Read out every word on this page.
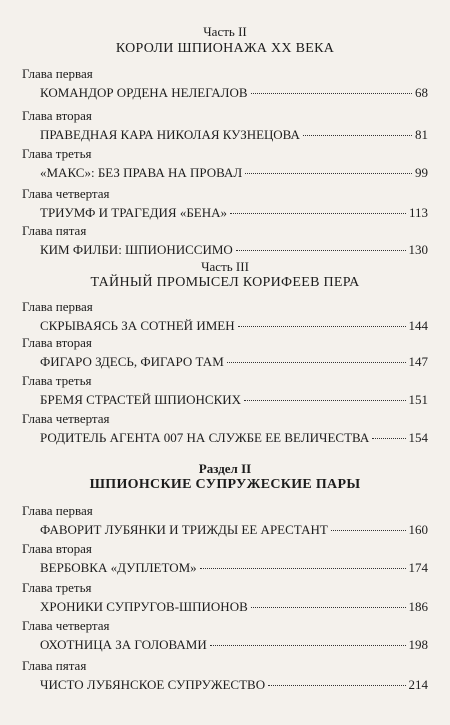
Часть II
КОРОЛИ ШПИОНАЖА ХХ ВЕКА
Глава первая
КОМАНДОР ОРДЕНА НЕЛЕГАЛОВ	68
Глава вторая
ПРАВЕДНАЯ КАРА НИКОЛАЯ КУЗНЕЦОВА	81
Глава третья
«МАКС»: БЕЗ ПРАВА НА ПРОВАЛ	99
Глава четвертая
ТРИУМФ И ТРАГЕДИЯ «БЕНА»	113
Глава пятая
КИМ ФИЛБИ: ШПИОНИССИМО	130
Часть III
ТАЙНЫЙ ПРОМЫСЕЛ КОРИФЕЕВ ПЕРА
Глава первая
СКРЫВАЯСЬ ЗА СОТНЕЙ ИМЕН	144
Глава вторая
ФИГАРО ЗДЕСЬ, ФИГАРО ТАМ	147
Глава третья
БРЕМЯ СТРАСТЕЙ ШПИОНСКИХ	151
Глава четвертая
РОДИТЕЛЬ АГЕНТА 007 НА СЛУЖБЕ ЕЕ ВЕЛИЧЕСТВА	154
Раздел II
ШПИОНСКИЕ СУПРУЖЕСКИЕ ПАРЫ
Глава первая
ФАВОРИТ ЛУБЯНКИ И ТРИЖДЫ ЕЕ АРЕСТАНТ	160
Глава вторая
ВЕРБОВКА «ДУПЛЕТОМ»	174
Глава третья
ХРОНИКИ СУПРУГОВ-ШПИОНОВ	186
Глава четвертая
ОХОТНИЦА ЗА ГОЛОВАМИ	198
Глава пятая
ЧИСТО ЛУБЯНСКОЕ СУПРУЖЕСТВО	214
